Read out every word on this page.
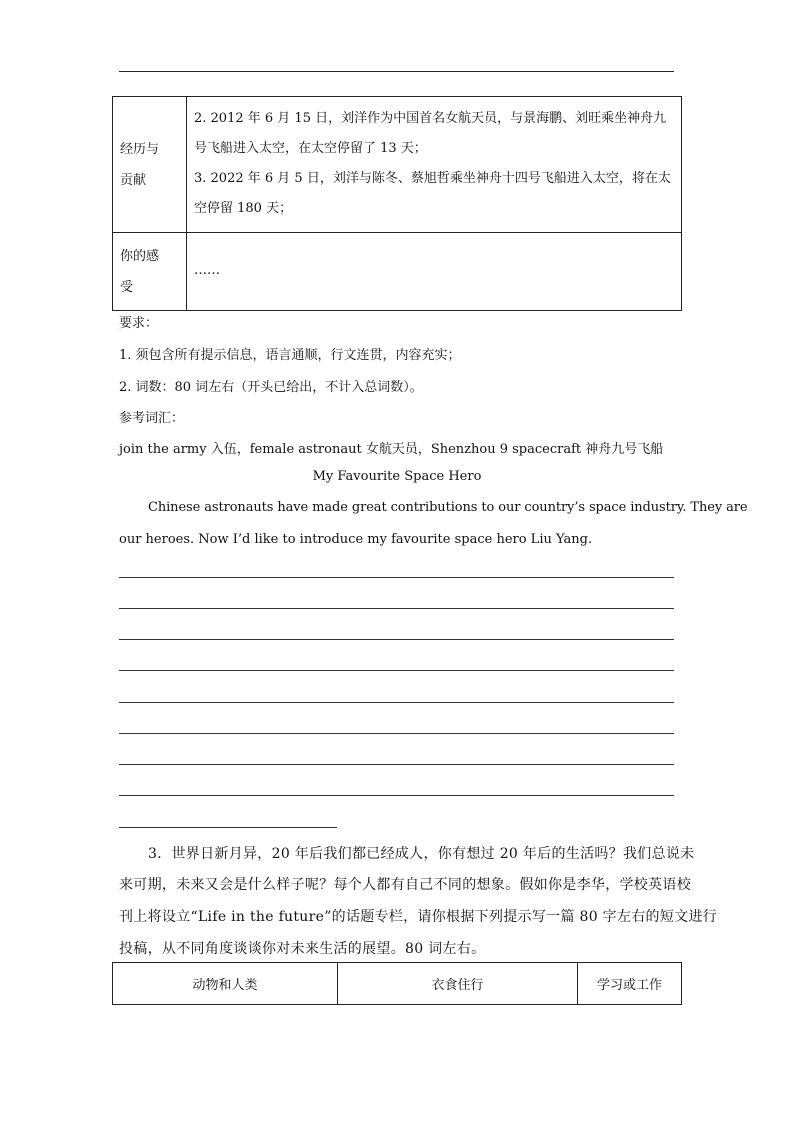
经历与
贡献	2. 2012 年 6 月 15 日，刘洋作为中国首名女航天员，与景海鹏、刘旺乘坐神舟九
号飞船进入太空，在太空停留了 13 天；
3. 2022 年 6 月 5 日，刘洋与陈冬、蔡旭哲乘坐神舟十四号飞船进入太空，将在太
空停留 180 天；

你的感
受	……
要求：
1. 须包含所有提示信息，语言通顺，行文连贯，内容充实；
2. 词数：80 词左右（开头已给出，不计入总词数）。
参考词汇：
join the army 入伍，female astronaut 女航天员，Shenzhou 9 spacecraft 神舟九号飞船
My Favourite Space Hero
Chinese astronauts have made great contributions to our country’s space industry. They are
our heroes. Now I’d like to introduce my favourite space hero Liu Yang.
3．世界日新月异，20 年后我们都已经成人，你有想过 20 年后的生活吗？我们总说未
来可期，未来又会是什么样子呢？每个人都有自己不同的想象。假如你是李华，学校英语校
刊上将设立“Life in the future”的话题专栏，请你根据下列提示写一篇 80 字左右的短文进行
投稿，从不同角度谈谈你对未来生活的展望。80 词左右。
动物和人类	衣食住行	学习或工作
